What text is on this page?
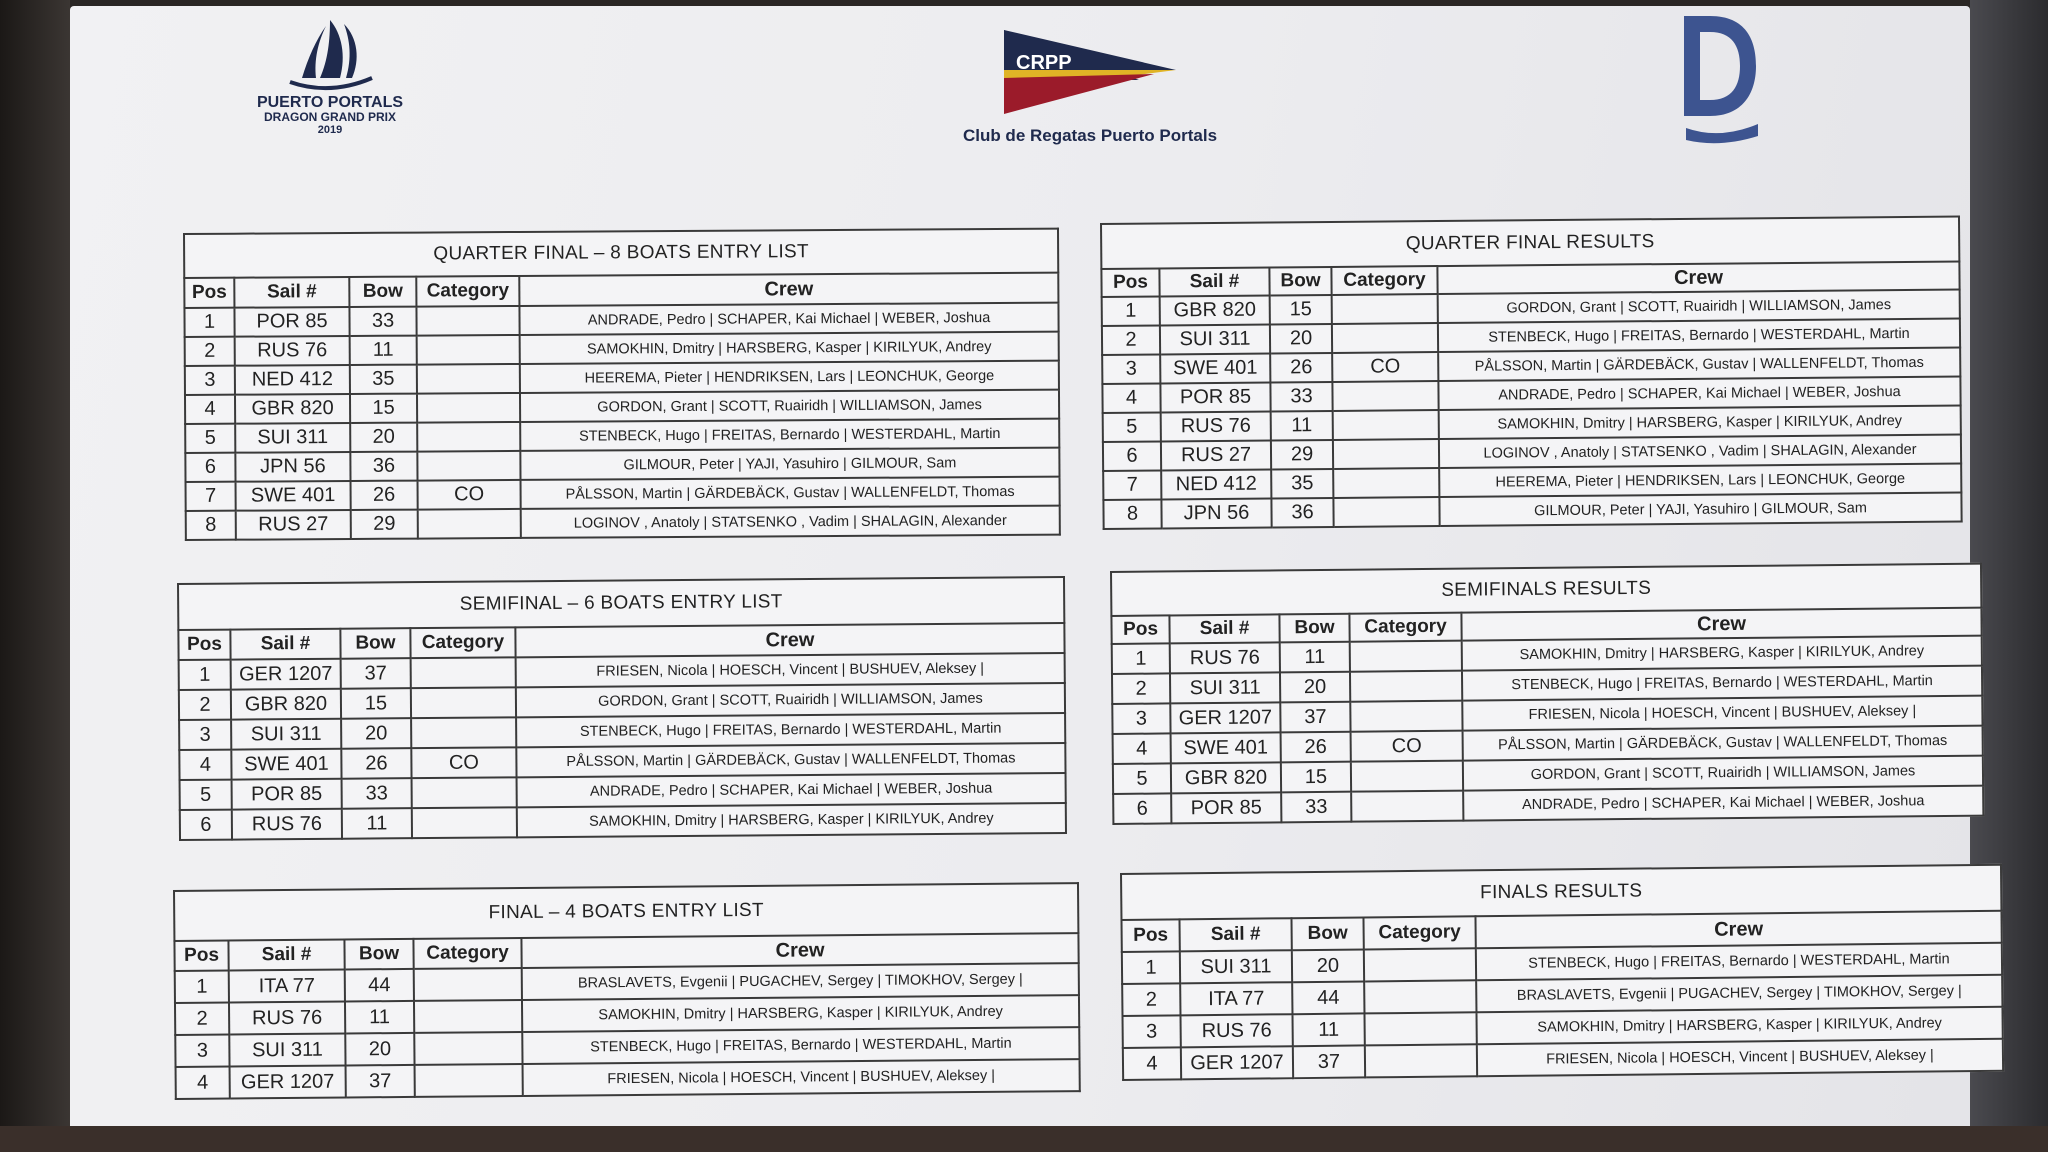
PUERTO PORTALS
DRAGON GRAND PRIX
2019
CRPP
Club de Regatas Puerto Portals
QUARTER FINAL – 8 BOATS ENTRY LIST				
Pos	Sail #	Bow	Category	Crew
1	POR 85	33		ANDRADE, Pedro | SCHAPER, Kai Michael | WEBER, Joshua
2	RUS 76	11		SAMOKHIN, Dmitry | HARSBERG, Kasper | KIRILYUK, Andrey
3	NED 412	35		HEEREMA, Pieter | HENDRIKSEN, Lars | LEONCHUK, George
4	GBR 820	15		GORDON, Grant | SCOTT, Ruairidh | WILLIAMSON, James
5	SUI 311	20		STENBECK, Hugo | FREITAS, Bernardo | WESTERDAHL, Martin
6	JPN 56	36		GILMOUR, Peter | YAJI, Yasuhiro | GILMOUR, Sam
7	SWE 401	26	CO	PÅLSSON, Martin | GÄRDEBÄCK, Gustav | WALLENFELDT, Thomas
8	RUS 27	29		LOGINOV , Anatoly | STATSENKO , Vadim | SHALAGIN, Alexander
QUARTER FINAL RESULTS				
Pos	Sail #	Bow	Category	Crew
1	GBR 820	15		GORDON, Grant | SCOTT, Ruairidh | WILLIAMSON, James
2	SUI 311	20		STENBECK, Hugo | FREITAS, Bernardo | WESTERDAHL, Martin
3	SWE 401	26	CO	PÅLSSON, Martin | GÄRDEBÄCK, Gustav | WALLENFELDT, Thomas
4	POR 85	33		ANDRADE, Pedro | SCHAPER, Kai Michael | WEBER, Joshua
5	RUS 76	11		SAMOKHIN, Dmitry | HARSBERG, Kasper | KIRILYUK, Andrey
6	RUS 27	29		LOGINOV , Anatoly | STATSENKO , Vadim | SHALAGIN, Alexander
7	NED 412	35		HEEREMA, Pieter | HENDRIKSEN, Lars | LEONCHUK, George
8	JPN 56	36		GILMOUR, Peter | YAJI, Yasuhiro | GILMOUR, Sam
SEMIFINAL – 6 BOATS ENTRY LIST				
Pos	Sail #	Bow	Category	Crew
1	GER 1207	37		FRIESEN, Nicola | HOESCH, Vincent | BUSHUEV, Aleksey |
2	GBR 820	15		GORDON, Grant | SCOTT, Ruairidh | WILLIAMSON, James
3	SUI 311	20		STENBECK, Hugo | FREITAS, Bernardo | WESTERDAHL, Martin
4	SWE 401	26	CO	PÅLSSON, Martin | GÄRDEBÄCK, Gustav | WALLENFELDT, Thomas
5	POR 85	33		ANDRADE, Pedro | SCHAPER, Kai Michael | WEBER, Joshua
6	RUS 76	11		SAMOKHIN, Dmitry | HARSBERG, Kasper | KIRILYUK, Andrey
SEMIFINALS RESULTS				
Pos	Sail #	Bow	Category	Crew
1	RUS 76	11		SAMOKHIN, Dmitry | HARSBERG, Kasper | KIRILYUK, Andrey
2	SUI 311	20		STENBECK, Hugo | FREITAS, Bernardo | WESTERDAHL, Martin
3	GER 1207	37		FRIESEN, Nicola | HOESCH, Vincent | BUSHUEV, Aleksey |
4	SWE 401	26	CO	PÅLSSON, Martin | GÄRDEBÄCK, Gustav | WALLENFELDT, Thomas
5	GBR 820	15		GORDON, Grant | SCOTT, Ruairidh | WILLIAMSON, James
6	POR 85	33		ANDRADE, Pedro | SCHAPER, Kai Michael | WEBER, Joshua
FINAL – 4 BOATS ENTRY LIST				
Pos	Sail #	Bow	Category	Crew
1	ITA 77	44		BRASLAVETS, Evgenii | PUGACHEV, Sergey | TIMOKHOV, Sergey |
2	RUS 76	11		SAMOKHIN, Dmitry | HARSBERG, Kasper | KIRILYUK, Andrey
3	SUI 311	20		STENBECK, Hugo | FREITAS, Bernardo | WESTERDAHL, Martin
4	GER 1207	37		FRIESEN, Nicola | HOESCH, Vincent | BUSHUEV, Aleksey |
FINALS RESULTS				
Pos	Sail #	Bow	Category	Crew
1	SUI 311	20		STENBECK, Hugo | FREITAS, Bernardo | WESTERDAHL, Martin
2	ITA 77	44		BRASLAVETS, Evgenii | PUGACHEV, Sergey | TIMOKHOV, Sergey |
3	RUS 76	11		SAMOKHIN, Dmitry | HARSBERG, Kasper | KIRILYUK, Andrey
4	GER 1207	37		FRIESEN, Nicola | HOESCH, Vincent | BUSHUEV, Aleksey |
